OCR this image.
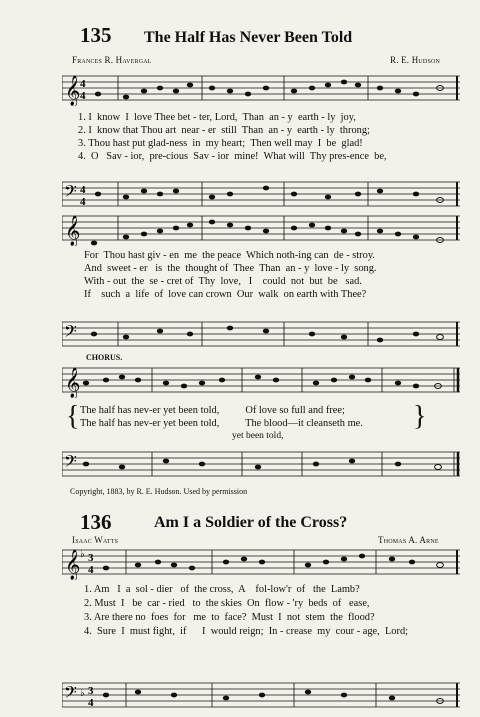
135 The Half Has Never Been Told
Frances R. Havergal	R. E. Hudson
𝄞 4
4
𝄢 4
4
1. I  know  I  love Thee bet - ter, Lord,  Than  an - y  earth - ly  joy,
2. I  know that Thou art  near - er  still  Than  an - y  earth - ly  throng;
3. Thou hast put glad-ness  in  my heart;  Then well may  I  be  glad!
4.  O   Sav - ior,  pre-cious  Sav - ior  mine!  What will  Thy pres-ence  be,
𝄞
𝄢
For  Thou hast giv - en  me  the peace  Which noth-ing can  de - stroy.
And  sweet - er   is  the  thought of  Thee  Than  an - y  love - ly  song.
With - out  the  se - cret of  Thy  love,   I    could  not  but  be   sad.
If    such  a  life  of  love can crown  Our  walk  on earth with Thee?
CHORUS.
𝄞
𝄢
{ The half has nev-er yet been told,          Of love so full and free;
The half has nev-er yet been told,          The blood—it cleanseth me. }
yet been told,
Copyright, 1883, by R. E. Hudson. Used by permission
136	Am I a Soldier of the Cross?
Isaac Watts	Thomas A. Arne
𝄞 ♭ 3
4
𝄢 ♭ 3
4
1. Am   I  a  sol - dier   of  the cross,  A    fol-low'r  of   the  Lamb?
2. Must  I   be  car - ried   to  the skies  On  flow - 'ry  beds  of   ease,
3. Are there no  foes  for   me  to  face?  Must  I  not  stem  the  flood?
4.  Sure  I  must fight,  if      I  would reign;  In - crease  my  cour - age,  Lord;
